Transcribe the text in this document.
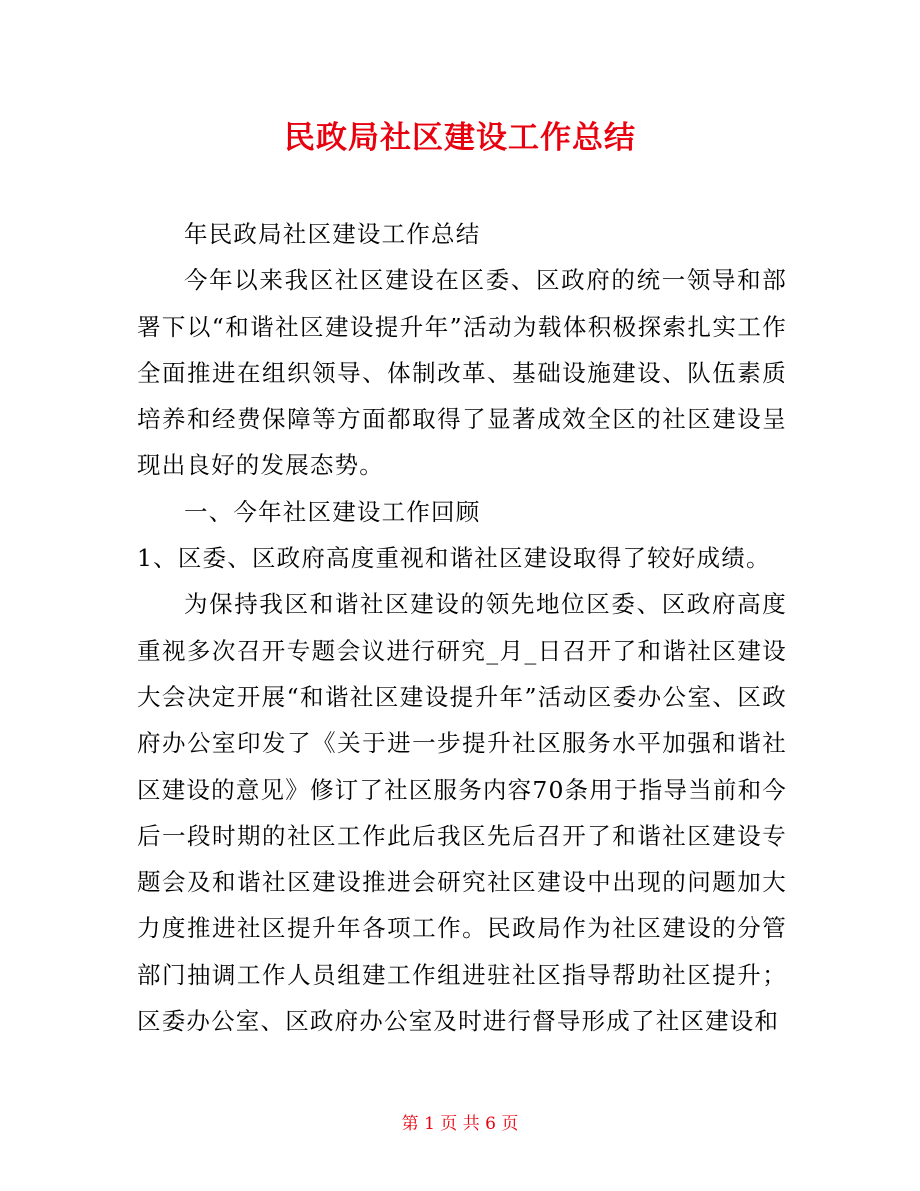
民政局社区建设工作总结

年民政局社区建设工作总结

今年以来我区社区建设在区委、区政府的统一领导和部署下以“和谐社区建设提升年”活动为载体积极探索扎实工作全面推进在组织领导、体制改革、基础设施建设、队伍素质培养和经费保障等方面都取得了显著成效全区的社区建设呈现出良好的发展态势。

一、今年社区建设工作回顾

1、区委、区政府高度重视和谐社区建设取得了较好成绩。

为保持我区和谐社区建设的领先地位区委、区政府高度重视多次召开专题会议进行研究_月_日召开了和谐社区建设大会决定开展“和谐社区建设提升年”活动区委办公室、区政府办公室印发了《关于进一步提升社区服务水平加强和谐社区建设的意见》修订了社区服务内容70条用于指导当前和今后一段时期的社区工作此后我区先后召开了和谐社区建设专题会及和谐社区建设推进会研究社区建设中出现的问题加大力度推进社区提升年各项工作。民政局作为社区建设的分管部门抽调工作人员组建工作组进驻社区指导帮助社区提升；区委办公室、区政府办公室及时进行督导形成了社区建设和

第 1 页 共 6 页
